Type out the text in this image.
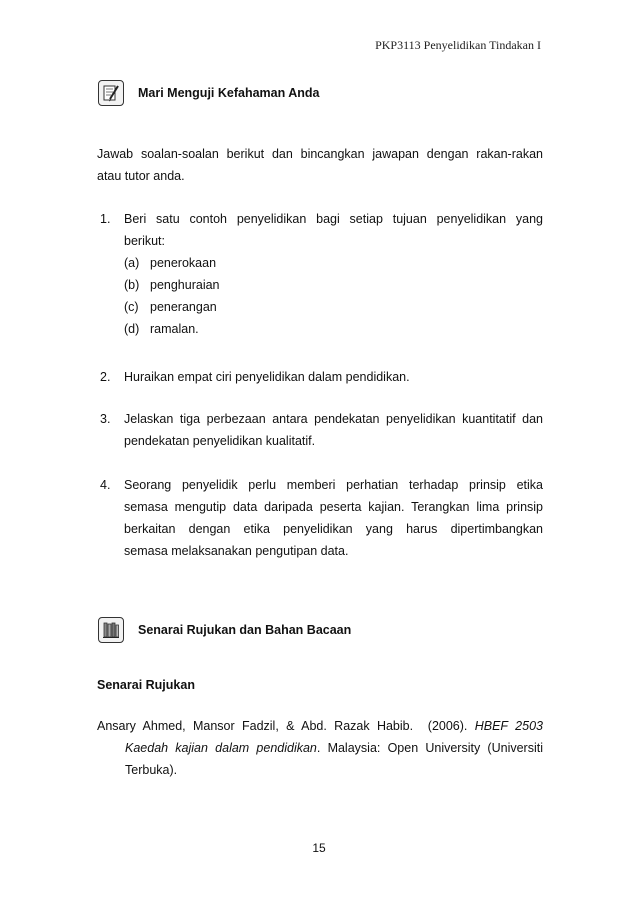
PKP3113 Penyelidikan Tindakan I
Mari Menguji Kefahaman Anda
Jawab soalan-soalan berikut dan bincangkan jawapan dengan rakan-rakan
atau tutor anda.
1. Beri satu contoh penyelidikan bagi setiap tujuan penyelidikan yang
berikut:
(a) penerokaan
(b) penghuraian
(c) penerangan
(d) ramalan.
2. Huraikan empat ciri penyelidikan dalam pendidikan.
3. Jelaskan tiga perbezaan antara pendekatan penyelidikan kuantitatif dan
pendekatan penyelidikan kualitatif.
4. Seorang penyelidik perlu memberi perhatian terhadap prinsip etika
semasa mengutip data daripada peserta kajian. Terangkan lima prinsip
berkaitan dengan etika penyelidikan yang harus dipertimbangkan
semasa melaksanakan pengutipan data.
Senarai Rujukan dan Bahan Bacaan
Senarai Rujukan
Ansary Ahmed, Mansor Fadzil, & Abd. Razak Habib. (2006). HBEF 2503
Kaedah kajian dalam pendidikan. Malaysia: Open University (Universiti
Terbuka).
15
